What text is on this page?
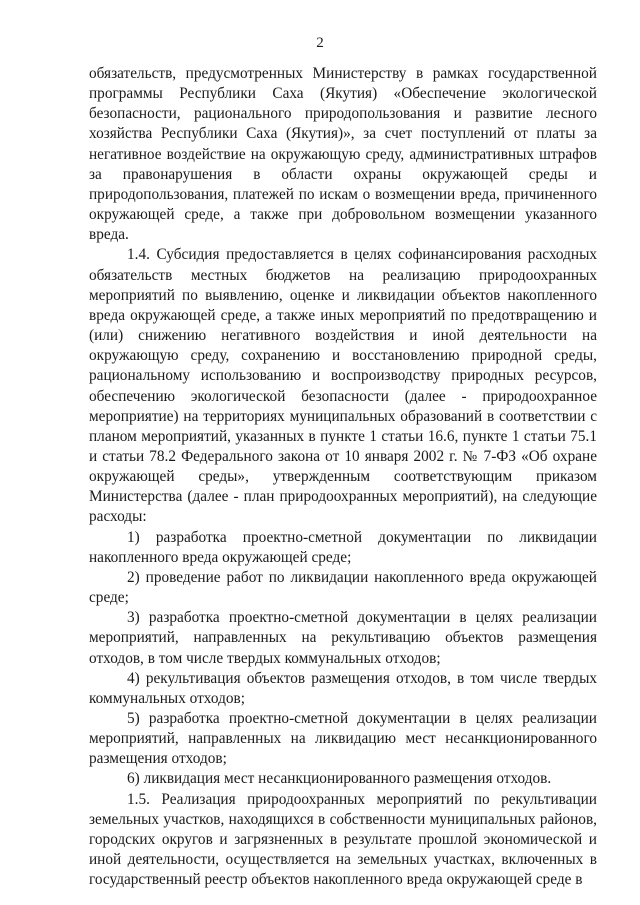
2

обязательств, предусмотренных Министерству в рамках государственной программы Республики Саха (Якутия) «Обеспечение экологической безопасности, рационального природопользования и развитие лесного хозяйства Республики Саха (Якутия)», за счет поступлений от платы за негативное воздействие на окружающую среду, административных штрафов за правонарушения в области охраны окружающей среды и природопользования, платежей по искам о возмещении вреда, причиненного окружающей среде, а также при добровольном возмещении указанного вреда.

1.4. Субсидия предоставляется в целях софинансирования расходных обязательств местных бюджетов на реализацию природоохранных мероприятий по выявлению, оценке и ликвидации объектов накопленного вреда окружающей среде, а также иных мероприятий по предотвращению и (или) снижению негативного воздействия и иной деятельности на окружающую среду, сохранению и восстановлению природной среды, рациональному использованию и воспроизводству природных ресурсов, обеспечению экологической безопасности (далее - природоохранное мероприятие) на территориях муниципальных образований в соответствии с планом мероприятий, указанных в пункте 1 статьи 16.6, пункте 1 статьи 75.1 и статьи 78.2 Федерального закона от 10 января 2002 г. № 7-ФЗ «Об охране окружающей среды», утвержденным соответствующим приказом Министерства (далее - план природоохранных мероприятий), на следующие расходы:

1) разработка проектно-сметной документации по ликвидации накопленного вреда окружающей среде;

2) проведение работ по ликвидации накопленного вреда окружающей среде;

3) разработка проектно-сметной документации в целях реализации мероприятий, направленных на рекультивацию объектов размещения отходов, в том числе твердых коммунальных отходов;

4) рекультивация объектов размещения отходов, в том числе твердых коммунальных отходов;

5) разработка проектно-сметной документации в целях реализации мероприятий, направленных на ликвидацию мест несанкционированного размещения отходов;

6) ликвидация мест несанкционированного размещения отходов.

1.5. Реализация природоохранных мероприятий по рекультивации земельных участков, находящихся в собственности муниципальных районов, городских округов и загрязненных в результате прошлой экономической и иной деятельности, осуществляется на земельных участках, включенных в государственный реестр объектов накопленного вреда окружающей среде в
